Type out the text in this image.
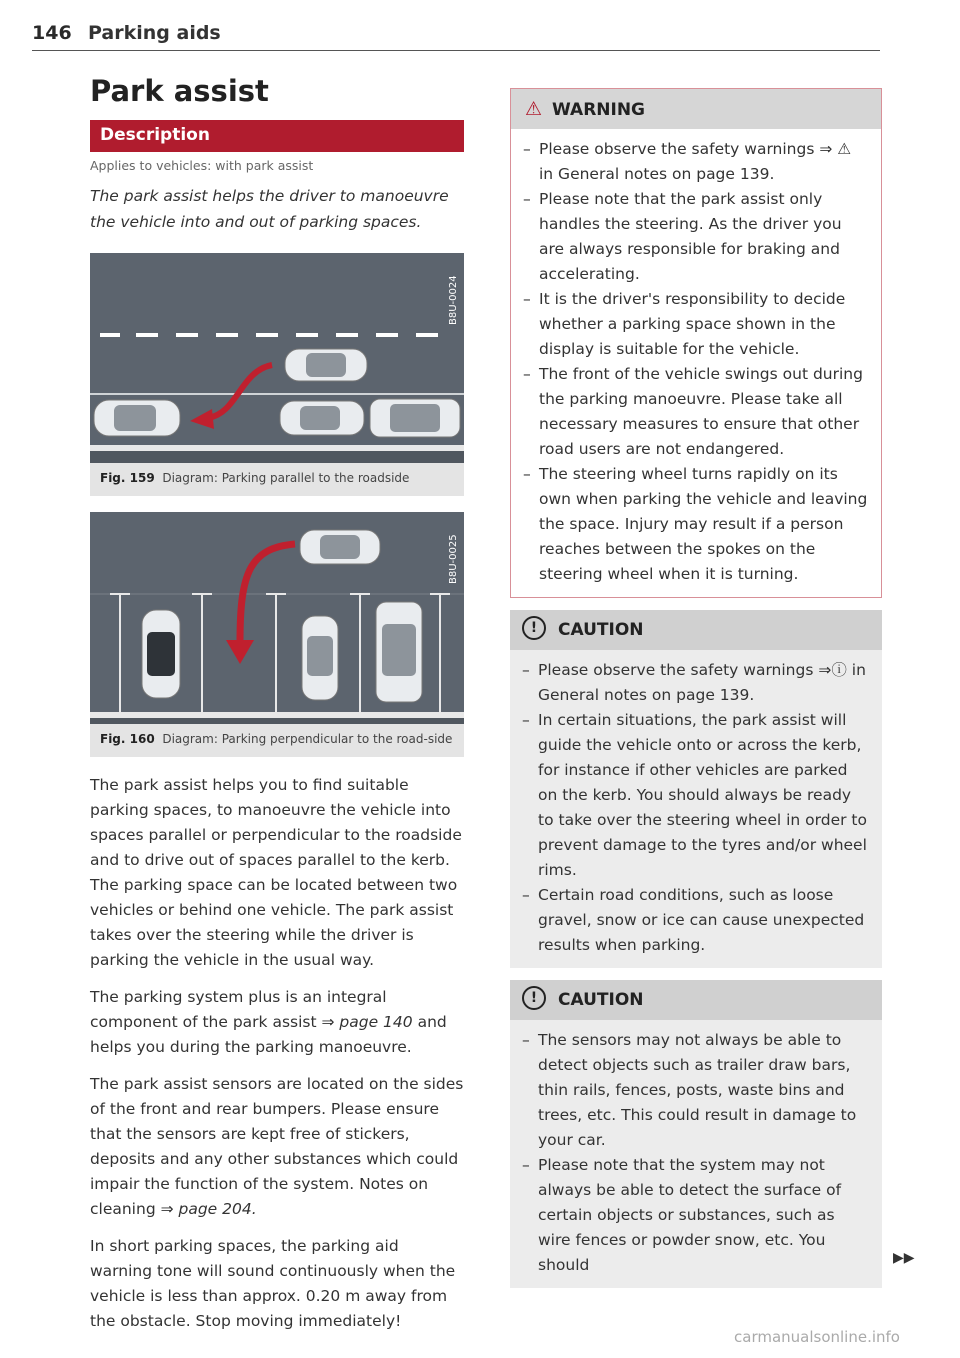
146 Parking aids
Park assist
Description
Applies to vehicles: with park assist

The park assist helps the driver to manoeuvre the vehicle into and out of parking spaces.

B8U-0024
Fig. 159 Diagram: Parking parallel to the roadside
B8U-0025
Fig. 160 Diagram: Parking perpendicular to the road-side

The park assist helps you to find suitable parking spaces, to manoeuvre the vehicle into spaces parallel or perpendicular to the roadside and to drive out of spaces parallel to the kerb. The parking space can be located between two vehicles or behind one vehicle. The park assist takes over the steering while the driver is parking the vehicle in the usual way.

The parking system plus is an integral component of the park assist ⇒ page 140 and helps you during the parking manoeuvre.

The park assist sensors are located on the sides of the front and rear bumpers. Please ensure that the sensors are kept free of stickers, deposits and any other substances which could impair the function of the system. Notes on cleaning ⇒ page 204.

In short parking spaces, the parking aid warning tone will sound continuously when the vehicle is less than approx. 0.20 m away from the obstacle. Stop moving immediately!

⚠ WARNING
– Please observe the safety warnings ⇒ ⚠ in General notes on page 139.
– Please note that the park assist only handles the steering. As the driver you are always responsible for braking and accelerating.
– It is the driver's responsibility to decide whether a parking space shown in the display is suitable for the vehicle.
– The front of the vehicle swings out during the parking manoeuvre. Please take all necessary measures to ensure that other road users are not endangered.
– The steering wheel turns rapidly on its own when parking the vehicle and leaving the space. Injury may result if a person reaches between the spokes on the steering wheel when it is turning.
! CAUTION
– Please observe the safety warnings ⇒ⓘ in General notes on page 139.
– In certain situations, the park assist will guide the vehicle onto or across the kerb, for instance if other vehicles are parked on the kerb. You should always be ready to take over the steering wheel in order to prevent damage to the tyres and/or wheel rims.
– Certain road conditions, such as loose gravel, snow or ice can cause unexpected results when parking.
! CAUTION
– The sensors may not always be able to detect objects such as trailer draw bars, thin rails, fences, posts, waste bins and trees, etc. This could result in damage to your car.
– Please note that the system may not always be able to detect the surface of certain objects or substances, such as wire fences or powder snow, etc. You should	▶▶
carmanualsonline.info
